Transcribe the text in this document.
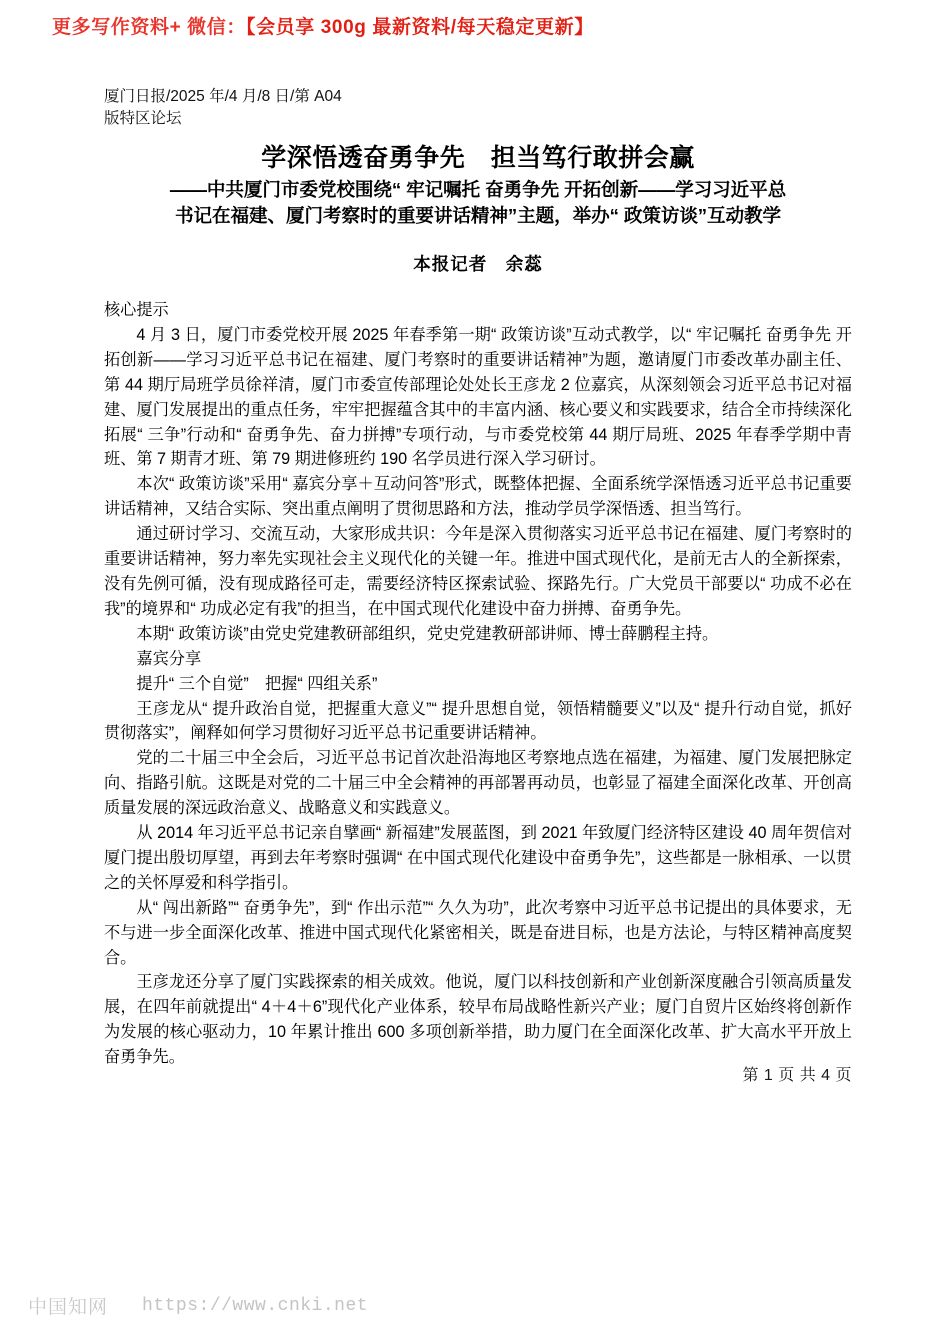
更多写作资料+ 微信：【会员享 300g 最新资料/每天稳定更新】
厦门日报/2025 年/4 月/8 日/第 A04
版特区论坛
学深悟透奋勇争先　担当笃行敢拼会赢
——中共厦门市委党校围绕“ 牢记嘱托 奋勇争先 开拓创新——学习习近平总
书记在福建、厦门考察时的重要讲话精神”主题，举办“ 政策访谈”互动教学
本报记者　余蕊

核心提示

4 月 3 日，厦门市委党校开展 2025 年春季第一期“ 政策访谈”互动式教学，以“ 牢记嘱托 奋勇争先 开拓创新——学习习近平总书记在福建、厦门考察时的重要讲话精神”为题，邀请厦门市委改革办副主任、第 44 期厅局班学员徐祥清，厦门市委宣传部理论处处长王彦龙 2 位嘉宾，从深刻领会习近平总书记对福建、厦门发展提出的重点任务，牢牢把握蕴含其中的丰富内涵、核心要义和实践要求，结合全市持续深化拓展“ 三争”行动和“ 奋勇争先、奋力拼搏”专项行动，与市委党校第 44 期厅局班、2025 年春季学期中青班、第 7 期青才班、第 79 期进修班约 190 名学员进行深入学习研讨。

本次“ 政策访谈”采用“ 嘉宾分享＋互动问答”形式，既整体把握、全面系统学深悟透习近平总书记重要讲话精神，又结合实际、突出重点阐明了贯彻思路和方法，推动学员学深悟透、担当笃行。

通过研讨学习、交流互动，大家形成共识：今年是深入贯彻落实习近平总书记在福建、厦门考察时的重要讲话精神，努力率先实现社会主义现代化的关键一年。推进中国式现代化，是前无古人的全新探索，没有先例可循，没有现成路径可走，需要经济特区探索试验、探路先行。广大党员干部要以“ 功成不必在我”的境界和“ 功成必定有我”的担当，在中国式现代化建设中奋力拼搏、奋勇争先。

本期“ 政策访谈”由党史党建教研部组织，党史党建教研部讲师、博士薛鹏程主持。

嘉宾分享

提升“ 三个自觉”　把握“ 四组关系”

王彦龙从“ 提升政治自觉，把握重大意义”“ 提升思想自觉，领悟精髓要义”以及“ 提升行动自觉，抓好贯彻落实”，阐释如何学习贯彻好习近平总书记重要讲话精神。

党的二十届三中全会后，习近平总书记首次赴沿海地区考察地点选在福建，为福建、厦门发展把脉定向、指路引航。这既是对党的二十届三中全会精神的再部署再动员，也彰显了福建全面深化改革、开创高质量发展的深远政治意义、战略意义和实践意义。

从 2014 年习近平总书记亲自擘画“ 新福建”发展蓝图，到 2021 年致厦门经济特区建设 40 周年贺信对厦门提出殷切厚望，再到去年考察时强调“ 在中国式现代化建设中奋勇争先”，这些都是一脉相承、一以贯之的关怀厚爱和科学指引。

从“ 闯出新路”“ 奋勇争先”，到“ 作出示范”“ 久久为功”，此次考察中习近平总书记提出的具体要求，无不与进一步全面深化改革、推进中国式现代化紧密相关，既是奋进目标，也是方法论，与特区精神高度契合。

王彦龙还分享了厦门实践探索的相关成效。他说，厦门以科技创新和产业创新深度融合引领高质量发展，在四年前就提出“ 4＋4＋6”现代化产业体系，较早布局战略性新兴产业；厦门自贸片区始终将创新作为发展的核心驱动力，10 年累计推出 600 多项创新举措，助力厦门在全面深化改革、扩大高水平开放上奋勇争先。

第 1 页 共 4 页
中国知网 https://www.cnki.net
